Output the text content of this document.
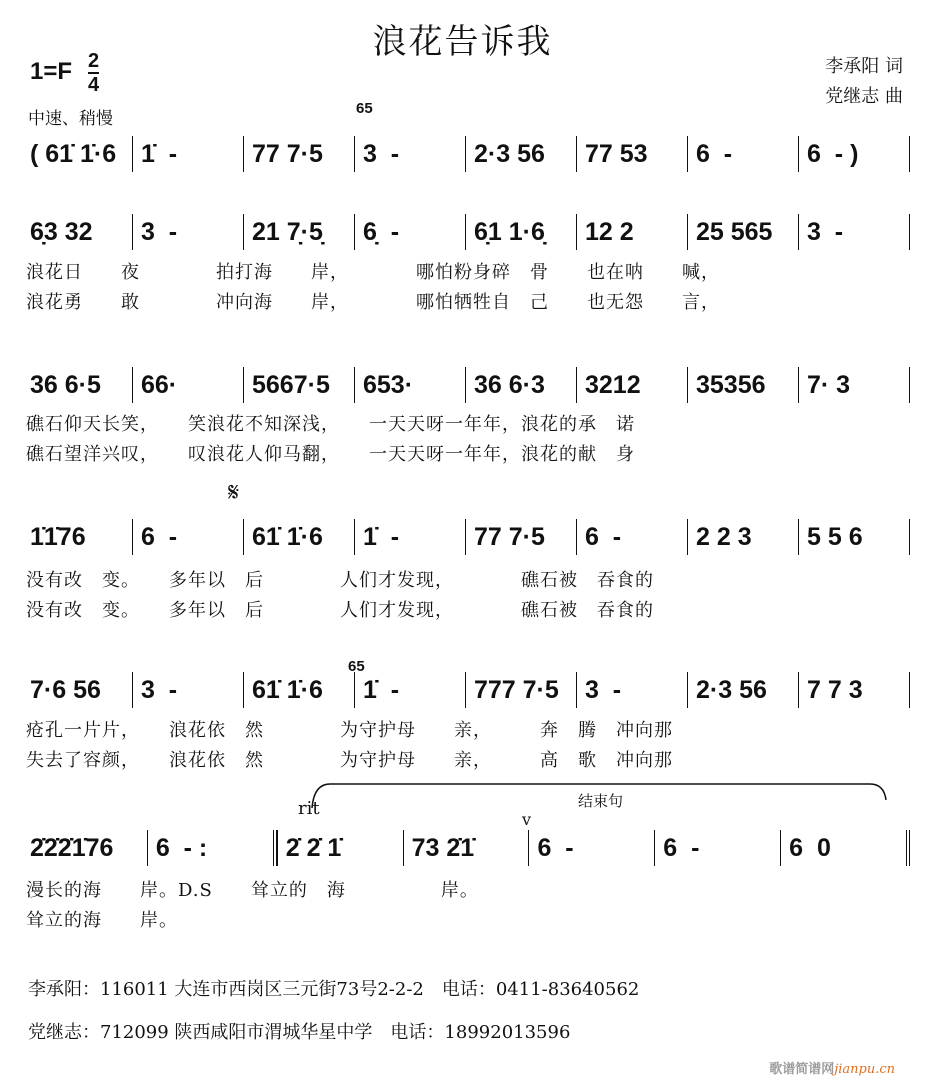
浪花告诉我
1=F 2
4
李承阳 词
党继志 曲
中速、稍慢
65
65
𝄋
rit	结束句
v
( 61̇ 1̇·6 1̇  -	77 7·5	3  -	2·3 56	77 53	6  -	6  - )
6̣3 32	3  -	21 7̣·5̣	6̣  -	6̣1 1·6̣	12 2	25 565	3  -
浪花日　　夜　　　　拍打海　　岸，　　　　哪怕粉身碎　骨　　也在呐　　喊，
浪花勇　　敢　　　　冲向海　　岸，　　　　哪怕牺牲自　己　　也无怨　　言，
36 6·5	66·	5667·5	653·	36 6·3	3212	35356	7· 3
礁石仰天长笑，　　笑浪花不知深浅，　　一天天呀一年年，浪花的承　诺
礁石望洋兴叹，　　叹浪花人仰马翻，　　一天天呀一年年，浪花的献　身
1̇1̇76	6  -	61̇ 1̇·6	1̇  -	77 7·5	6  -	2 2 3	5 5 6
没有改　变。　　多年以　后　　　　人们才发现，　　　　礁石被　吞食的
没有改　变。　　多年以　后　　　　人们才发现，　　　　礁石被　吞食的
7·6 56	3  -	61̇ 1̇·6	1̇  -	777 7·5	3  -	2·3 56	7 7 3
疮孔一片片，　　浪花依　然　　　　为守护母　　亲，　　　奔　腾　冲向那
失去了容颜，　　浪花依　然　　　　为守护母　　亲，　　　高　歌　冲向那
2̇2̇2̇1̇76	6  - :	2̇ 2̇ 1̇	73 2̇1̇	6  -	6  -	6  0
漫长的海　　岸。D.S　　耸立的　海　　　　　岸。
耸立的海　　岸。
李承阳：116011 大连市西岗区三元街73号2-2-2　电话：0411-83640562
党继志：712099 陕西咸阳市渭城华星中学　电话：18992013596
歌谱简谱网jianpu.cn
